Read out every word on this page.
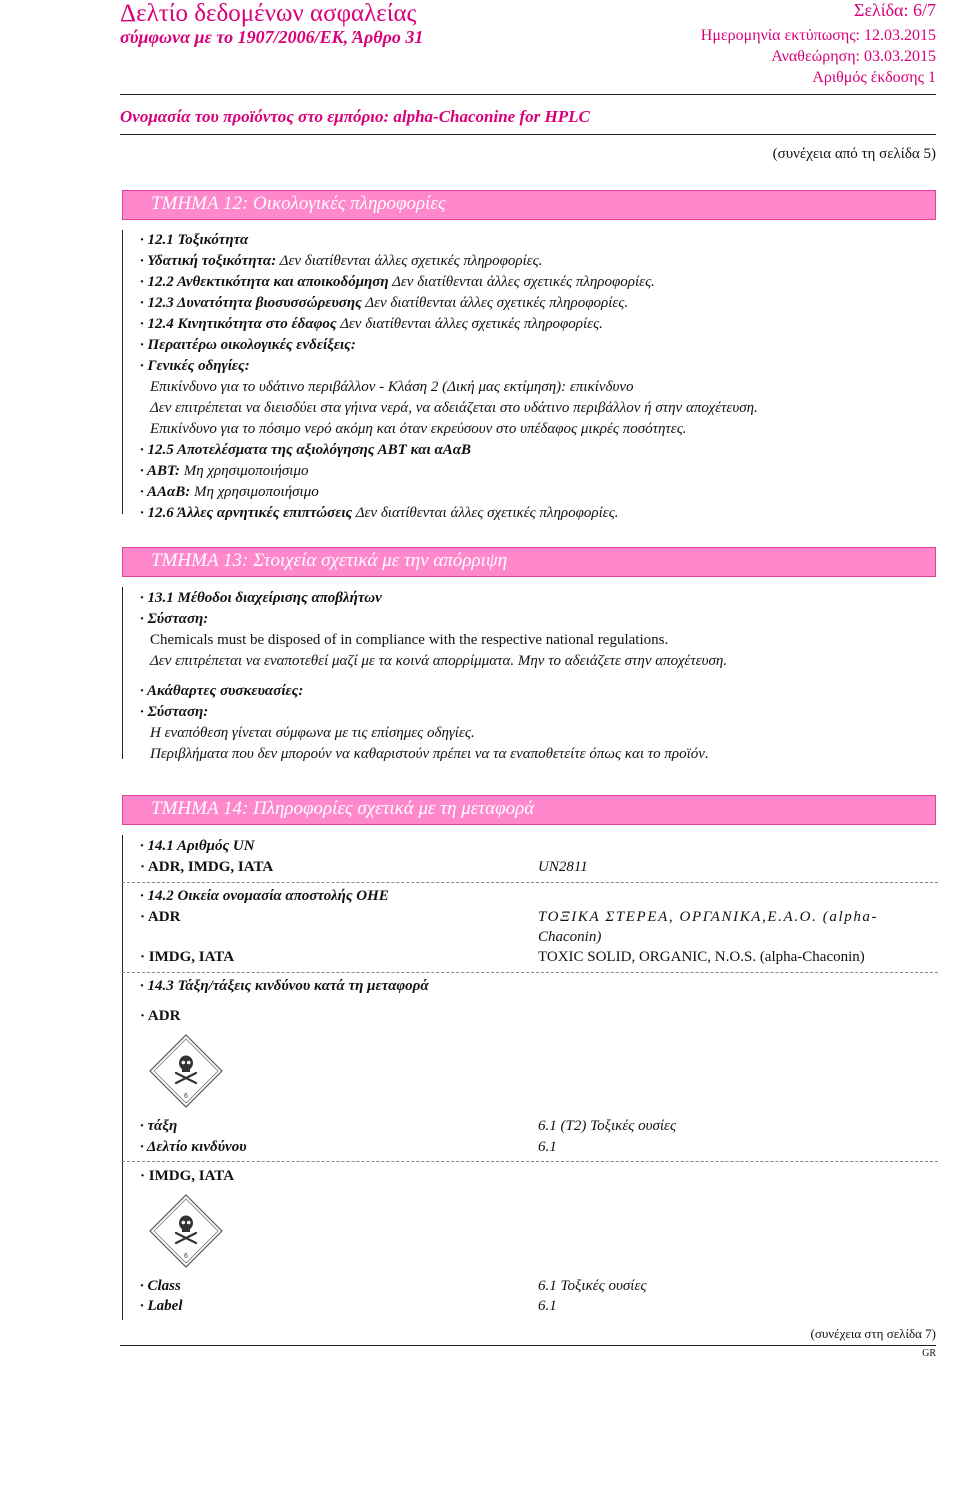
Δελτίο δεδομένων ασφαλείας
σύμφωνα με το 1907/2006/ΕΚ, Άρθρο 31
Σελίδα: 6/7
Ημερομηνία εκτύπωσης: 12.03.2015
Αναθεώρηση: 03.03.2015
Αριθμός έκδοσης 1
Ονομασία του προϊόντος στο εμπόριο: alpha-Chaconine for HPLC
(συνέχεια από τη σελίδα 5)
ΤΜΗΜΑ 12: Οικολογικές πληροφορίες
· 12.1 Τοξικότητα
· Υδατική τοξικότητα: Δεν διατίθενται άλλες σχετικές πληροφορίες.
· 12.2 Ανθεκτικότητα και αποικοδόμηση Δεν διατίθενται άλλες σχετικές πληροφορίες.
· 12.3 Δυνατότητα βιοσυσσώρευσης Δεν διατίθενται άλλες σχετικές πληροφορίες.
· 12.4 Κινητικότητα στο έδαφος Δεν διατίθενται άλλες σχετικές πληροφορίες.
· Περαιτέρω οικολογικές ενδείξεις:
· Γενικές οδηγίες:
Επικίνδυνο για το υδάτινο περιβάλλον - Κλάση 2 (Δική μας εκτίμηση): επικίνδυνο
Δεν επιτρέπεται να διεισδύει στα γήινα νερά, να αδειάζεται στο υδάτινο περιβάλλον ή στην αποχέτευση.
Επικίνδυνο για το πόσιμο νερό ακόμη και όταν εκρεύσουν στο υπέδαφος μικρές ποσότητες.
· 12.5 Αποτελέσματα της αξιολόγησης ΑΒΤ και αΑαΒ
· ΑΒΤ: Μη χρησιμοποιήσιμο
· ΑΑαΒ: Μη χρησιμοποιήσιμο
· 12.6 Άλλες αρνητικές επιπτώσεις Δεν διατίθενται άλλες σχετικές πληροφορίες.
ΤΜΗΜΑ 13: Στοιχεία σχετικά με την απόρριψη
· 13.1 Μέθοδοι διαχείρισης αποβλήτων
· Σύσταση:
Chemicals must be disposed of in compliance with the respective national regulations.
Δεν επιτρέπεται να εναποτεθεί μαζί με τα κοινά απορρίμματα. Μην το αδειάζετε στην αποχέτευση.
· Ακάθαρτες συσκευασίες:
· Σύσταση:
Η εναπόθεση γίνεται σύμφωνα με τις επίσημες οδηγίες.
Περιβλήματα που δεν μπορούν να καθαριστούν πρέπει να τα εναποθετείτε όπως και το προϊόν.
ΤΜΗΜΑ 14: Πληροφορίες σχετικά με τη μεταφορά
· 14.1 Αριθμός UN
· ADR, IMDG, IATA	UN2811
· 14.2 Οικεία ονομασία αποστολής ΟΗΕ
· ADR	ΤΟΞΙΚΑ ΣΤΕΡΕΑ, ΟΡΓΑΝΙΚΑ,Ε.Α.Ο. (alpha-
Chaconin)
· IMDG, IATA	TOXIC SOLID, ORGANIC, N.O.S. (alpha-Chaconin)
· 14.3 Τάξη/τάξεις κινδύνου κατά τη μεταφορά
· ADR
6
· τάξη	6.1 (T2) Τοξικές ουσίες
· Δελτίο κινδύνου	6.1
· IMDG, IATA
6
· Class	6.1 Τοξικές ουσίες
· Label	6.1
(συνέχεια στη σελίδα 7)
GR
